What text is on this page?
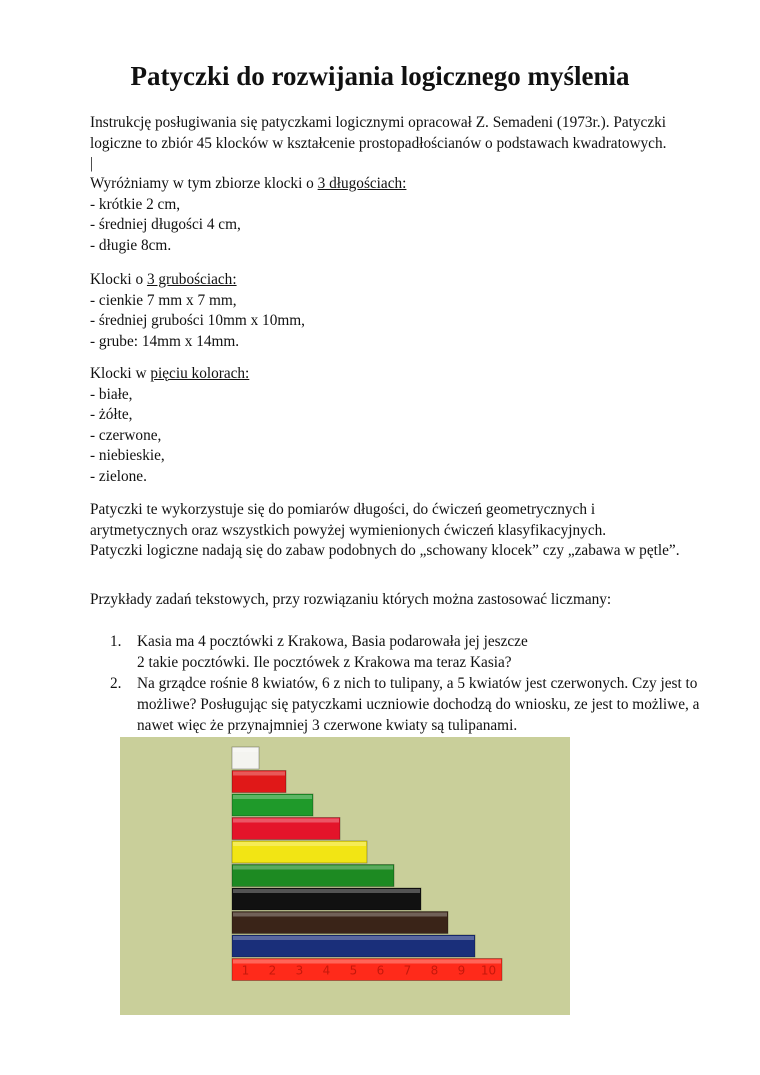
Patyczki do rozwijania logicznego myślenia
Instrukcję posługiwania się patyczkami logicznymi opracował Z. Semadeni (1973r.). Patyczki logiczne to zbiór 45 klocków w kształcenie prostopadłościanów o podstawach kwadratowych.
|
Wyróżniamy w tym zbiorze klocki o 3 długościach:
- krótkie 2 cm,
- średniej długości 4 cm,
- długie 8cm.
Klocki o 3 grubościach:
- cienkie 7 mm x 7 mm,
- średniej grubości 10mm x 10mm,
- grube: 14mm x 14mm.
Klocki w pięciu kolorach:
- białe,
- żółte,
- czerwone,
- niebieskie,
- zielone.
Patyczki te wykorzystuje się do pomiarów długości, do ćwiczeń geometrycznych i arytmetycznych oraz wszystkich powyżej wymienionych ćwiczeń klasyfikacyjnych.
Patyczki logiczne nadają się do zabaw podobnych do „schowany klocek” czy „zabawa w pętle”.
Przykłady zadań tekstowych, przy rozwiązaniu których można zastosować liczmany:
1. Kasia ma 4 pocztówki z Krakowa, Basia podarowała jej jeszcze
2 takie pocztówki. Ile pocztówek z Krakowa ma teraz Kasia?
2. Na grządce rośnie 8 kwiatów, 6 z nich to tulipany, a 5 kwiatów jest czerwonych. Czy jest to możliwe? Posługując się patyczkami uczniowie dochodzą do wniosku, ze jest to możliwe, a nawet więc że przynajmniej 3 czerwone kwiaty są tulipanami.
1 2 3 4 5 6 7 8 9 10
